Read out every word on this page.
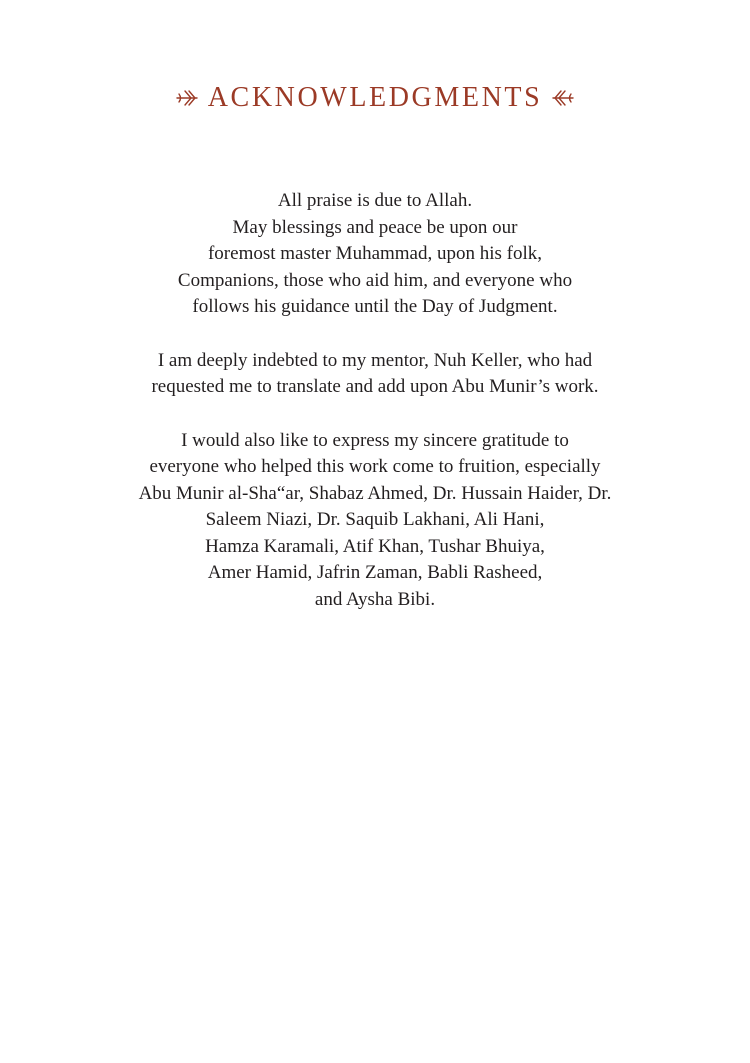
ACKNOWLEDGMENTS

All praise is due to Allah.
May blessings and peace be upon our
foremost master Muhammad, upon his folk,
Companions, those who aid him, and everyone who
follows his guidance until the Day of Judgment.

I am deeply indebted to my mentor, Nuh Keller, who had
requested me to translate and add upon Abu Munir’s work.

I would also like to express my sincere gratitude to
everyone who helped this work come to fruition, especially
Abu Munir al-Sha“ar, Shabaz Ahmed, Dr. Hussain Haider, Dr.
Saleem Niazi, Dr. Saquib Lakhani, Ali Hani,
Hamza Karamali, Atif Khan, Tushar Bhuiya,
Amer Hamid, Jafrin Zaman, Babli Rasheed,
and Aysha Bibi.
